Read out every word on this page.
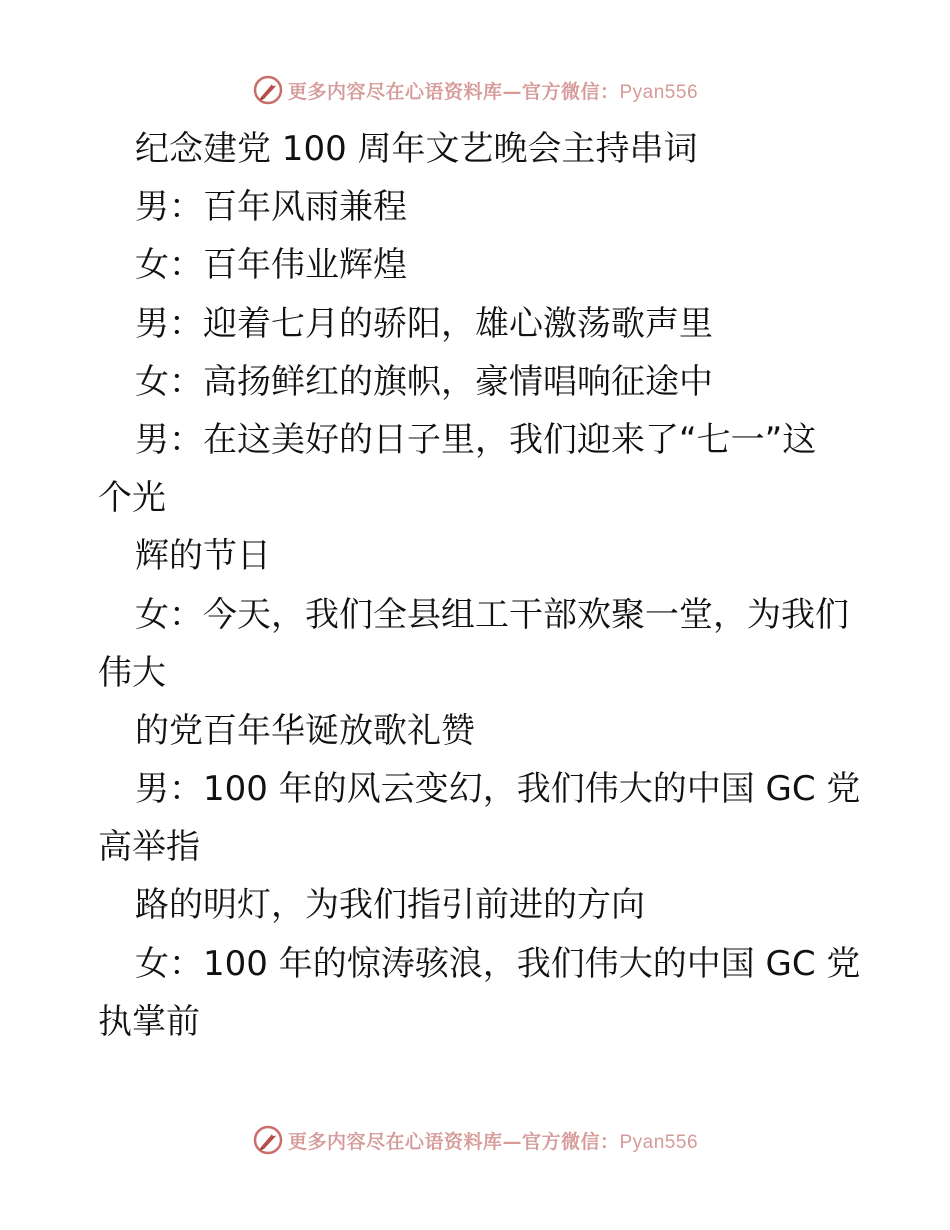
更多内容尽在心语资料库—官方微信：Pyan556
纪念建党 100 周年文艺晚会主持串词
男：百年风雨兼程
女：百年伟业辉煌
男：迎着七月的骄阳，雄心激荡歌声里
女：高扬鲜红的旗帜，豪情唱响征途中
男：在这美好的日子里，我们迎来了“七一”这
个光
辉的节日
女：今天，我们全县组工干部欢聚一堂，为我们
伟大
的党百年华诞放歌礼赞
男：100 年的风云变幻，我们伟大的中国 GC 党
高举指
路的明灯，为我们指引前进的方向
女：100 年的惊涛骇浪，我们伟大的中国 GC 党
执掌前
更多内容尽在心语资料库—官方微信：Pyan556
